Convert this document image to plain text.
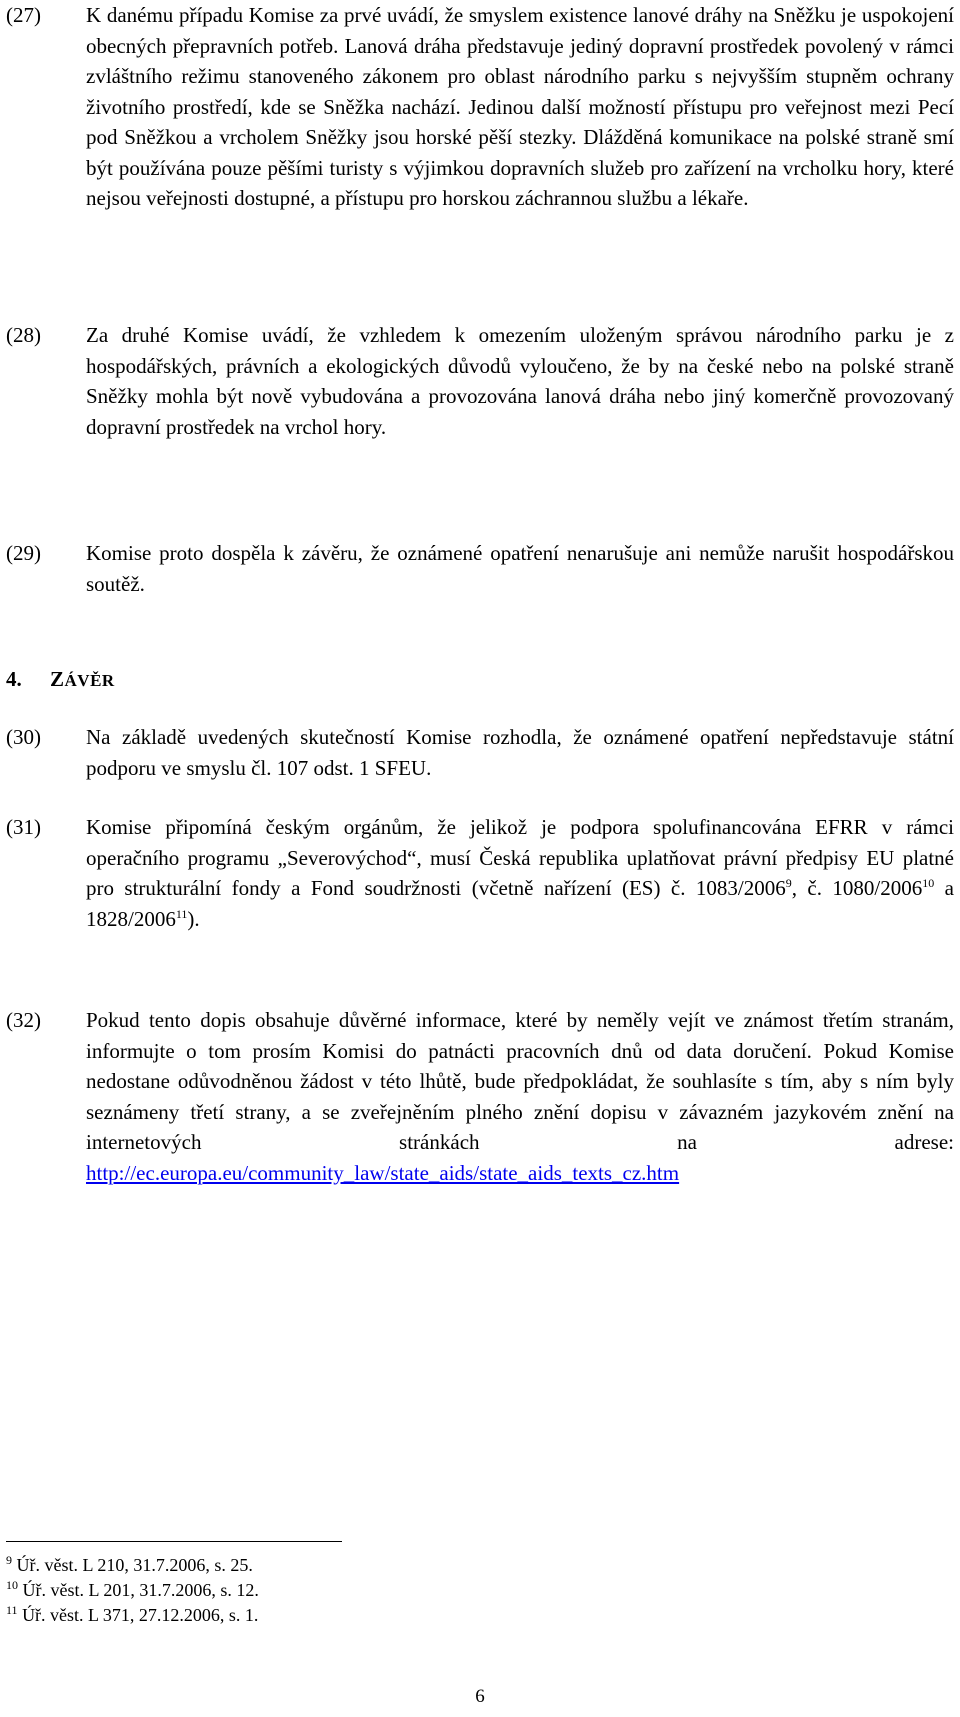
(27)	K danému případu Komise za prvé uvádí, že smyslem existence lanové dráhy na Sněžku je uspokojení obecných přepravních potřeb. Lanová dráha představuje jediný dopravní prostředek povolený v rámci zvláštního režimu stanoveného zákonem pro oblast národního parku s nejvyšším stupněm ochrany životního prostředí, kde se Sněžka nachází. Jedinou další možností přístupu pro veřejnost mezi Pecí pod Sněžkou a vrcholem Sněžky jsou horské pěší stezky. Dlážděná komunikace na polské straně smí být používána pouze pěšími turisty s výjimkou dopravních služeb pro zařízení na vrcholku hory, které nejsou veřejnosti dostupné, a přístupu pro horskou záchrannou službu a lékaře.
(28)	Za druhé Komise uvádí, že vzhledem k omezením uloženým správou národního parku je z hospodářských, právních a ekologických důvodů vyloučeno, že by na české nebo na polské straně Sněžky mohla být nově vybudována a provozována lanová dráha nebo jiný komerčně provozovaný dopravní prostředek na vrchol hory.
(29)	Komise proto dospěla k závěru, že oznámené opatření nenarušuje ani nemůže narušit hospodářskou soutěž.
4.	ZÁVĚR
(30)	Na základě uvedených skutečností Komise rozhodla, že oznámené opatření nepředstavuje státní podporu ve smyslu čl. 107 odst. 1 SFEU.
(31)	Komise připomíná českým orgánům, že jelikož je podpora spolufinancována EFRR v rámci operačního programu „Severovýchod“, musí Česká republika uplatňovat právní předpisy EU platné pro strukturální fondy a Fond soudržnosti (včetně nařízení (ES) č. 1083/2006$^9$, č. 1080/2006$^{10}$ a 1828/2006$^{11}$).
(32)	Pokud tento dopis obsahuje důvěrné informace, které by neměly vejít ve známost třetím stranám, informujte o tom prosím Komisi do patnácti pracovních dnů od data doručení. Pokud Komise nedostane odůvodněnou žádost v této lhůtě, bude předpokládat, že souhlasíte s tím, aby s ním byly seznámeny třetí strany, a se zveřejněním plného znění dopisu v závazném jazykovém znění na internetových stránkách na adrese: http://ec.europa.eu/community_law/state_aids/state_aids_texts_cz.htm
$^9$ Úř. věst. L 210, 31.7.2006, s. 25.
$^{10}$ Úř. věst. L 201, 31.7.2006, s. 12.
$^{11}$ Úř. věst. L 371, 27.12.2006, s. 1.
6
